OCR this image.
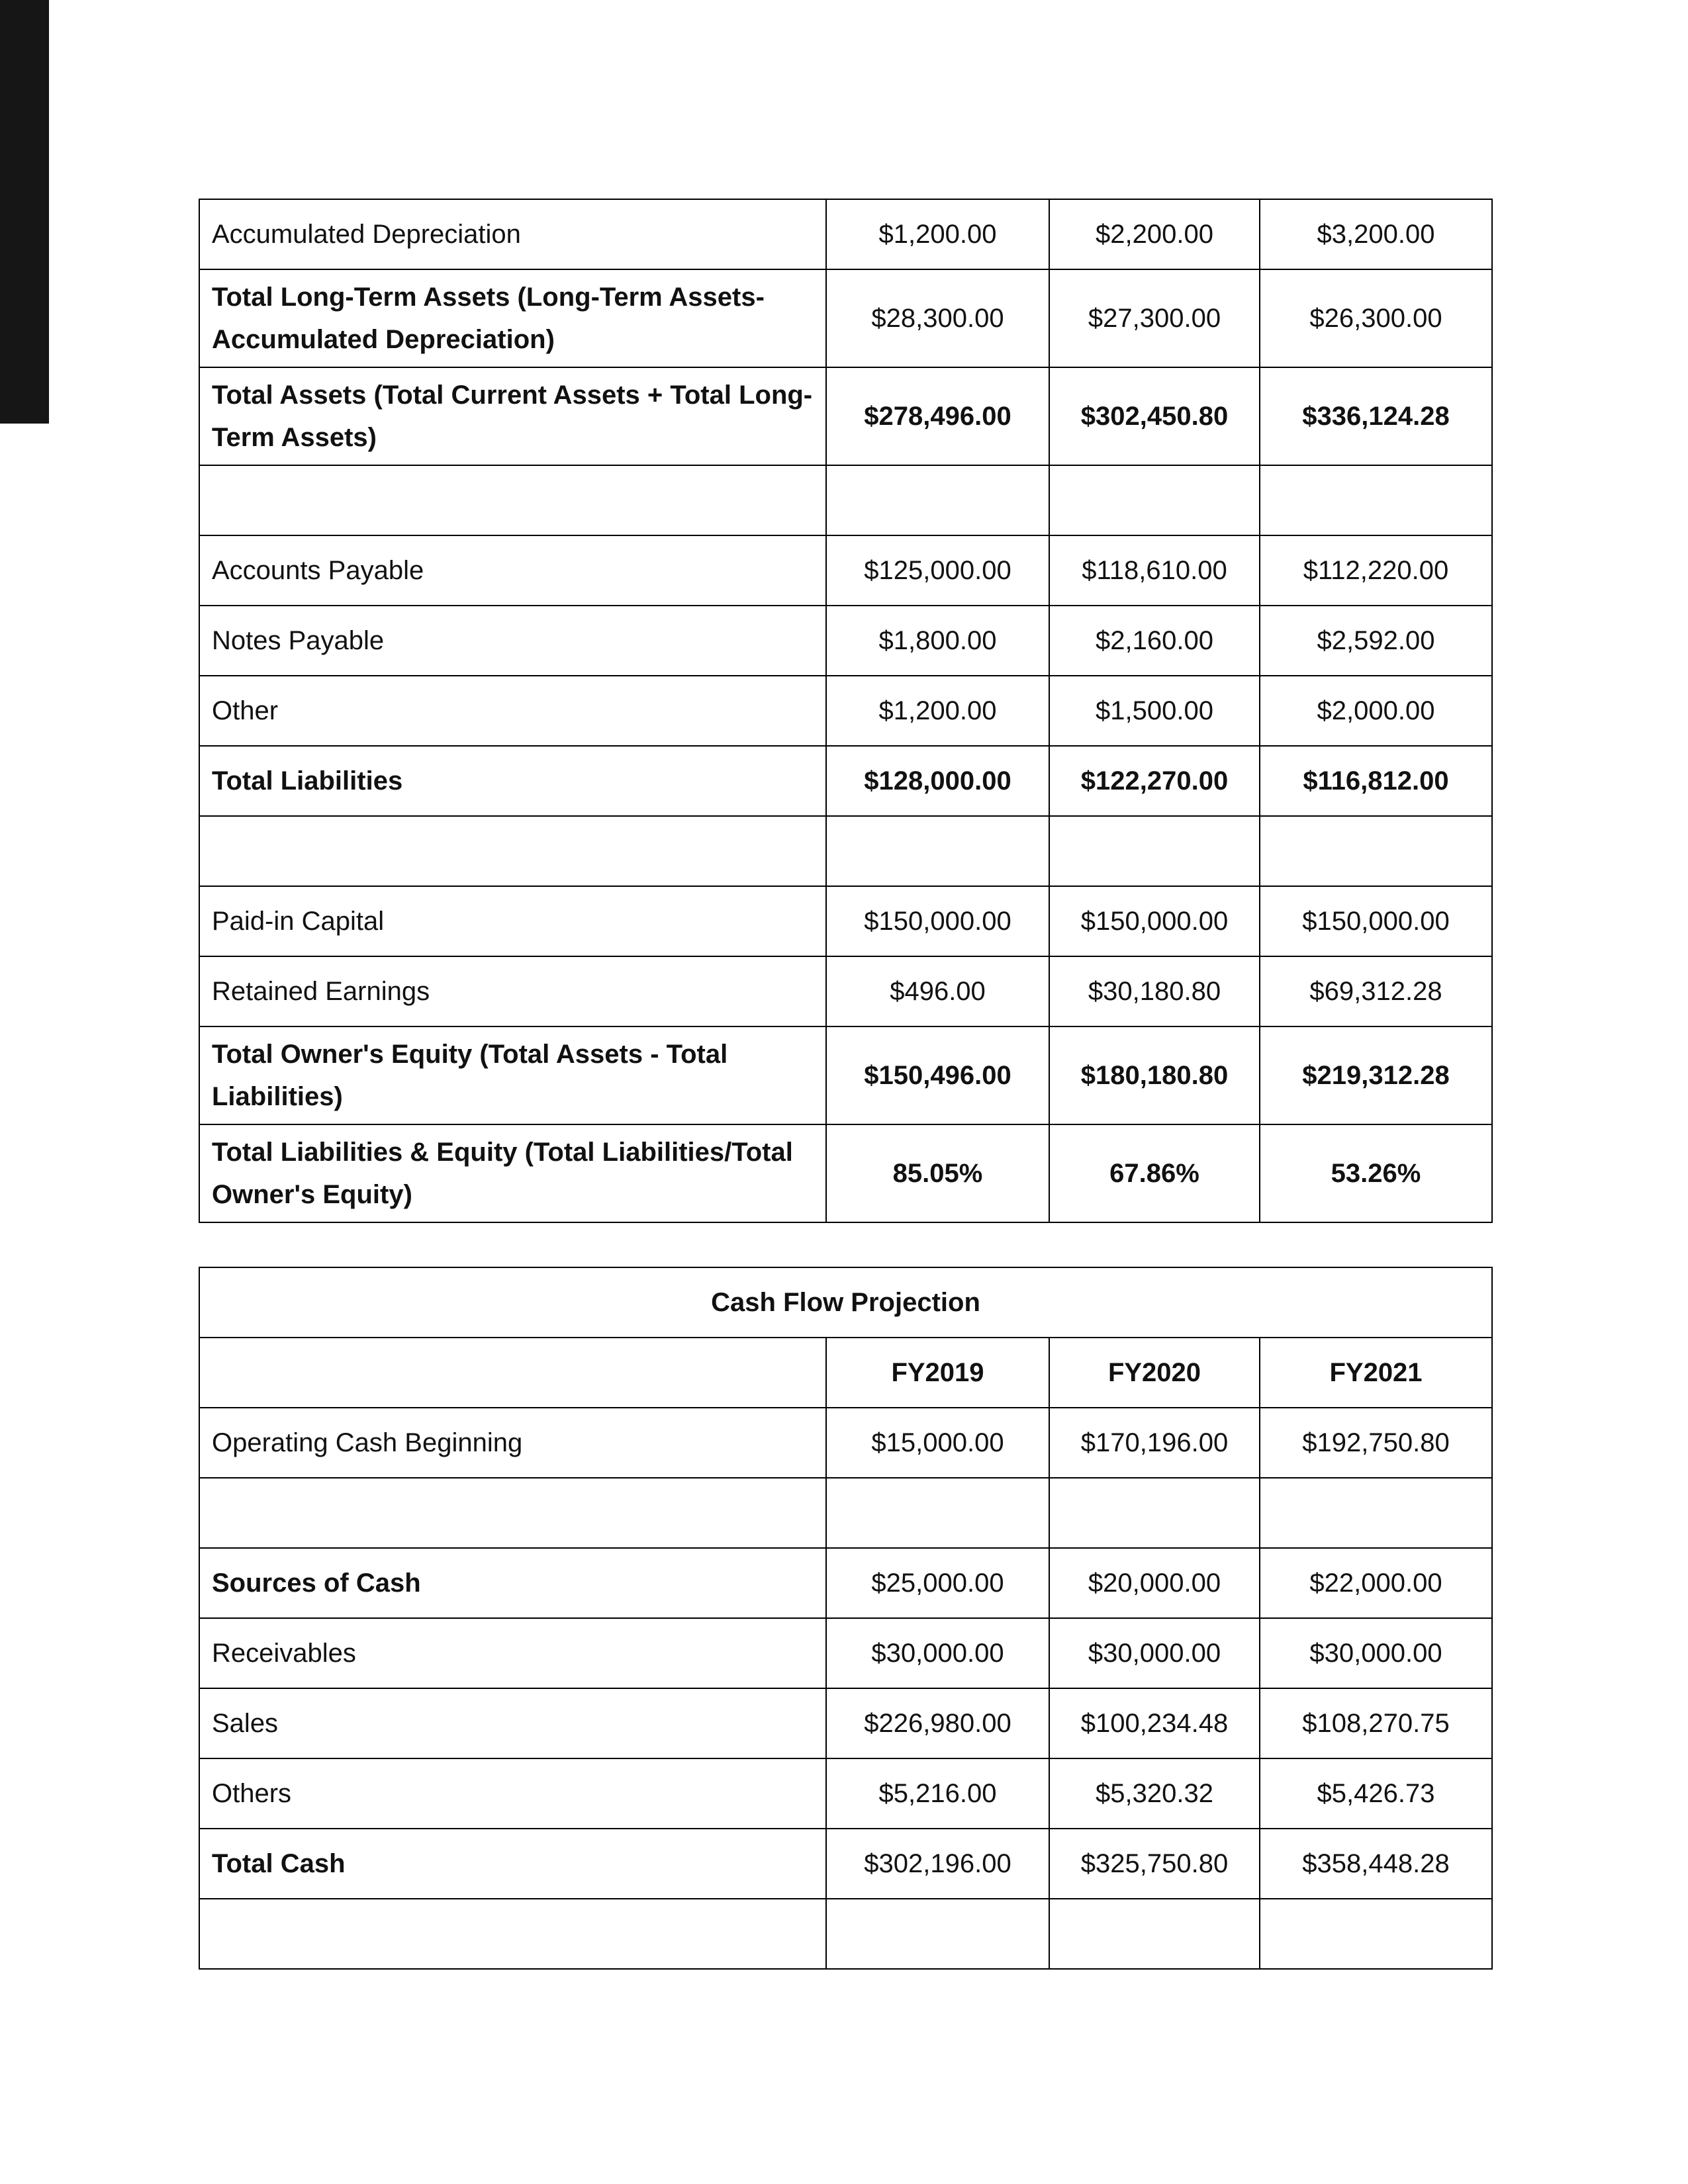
Accumulated Depreciation	$1,200.00	$2,200.00	$3,200.00
Total Long-Term Assets (Long-Term Assets-Accumulated Depreciation)	$28,300.00	$27,300.00	$26,300.00
Total Assets (Total Current Assets + Total Long-Term Assets)	$278,496.00	$302,450.80	$336,124.28

Accounts Payable	$125,000.00	$118,610.00	$112,220.00
Notes Payable	$1,800.00	$2,160.00	$2,592.00
Other	$1,200.00	$1,500.00	$2,000.00
Total Liabilities	$128,000.00	$122,270.00	$116,812.00

Paid-in Capital	$150,000.00	$150,000.00	$150,000.00
Retained Earnings	$496.00	$30,180.80	$69,312.28
Total Owner's Equity (Total Assets - Total Liabilities)	$150,496.00	$180,180.80	$219,312.28
Total Liabilities & Equity (Total Liabilities/Total Owner's Equity)	85.05%	67.86%	53.26%
Cash Flow Projection			
	FY2019	FY2020	FY2021
Operating Cash Beginning	$15,000.00	$170,196.00	$192,750.80

Sources of Cash	$25,000.00	$20,000.00	$22,000.00
Receivables	$30,000.00	$30,000.00	$30,000.00
Sales	$226,980.00	$100,234.48	$108,270.75
Others	$5,216.00	$5,320.32	$5,426.73
Total Cash	$302,196.00	$325,750.80	$358,448.28
